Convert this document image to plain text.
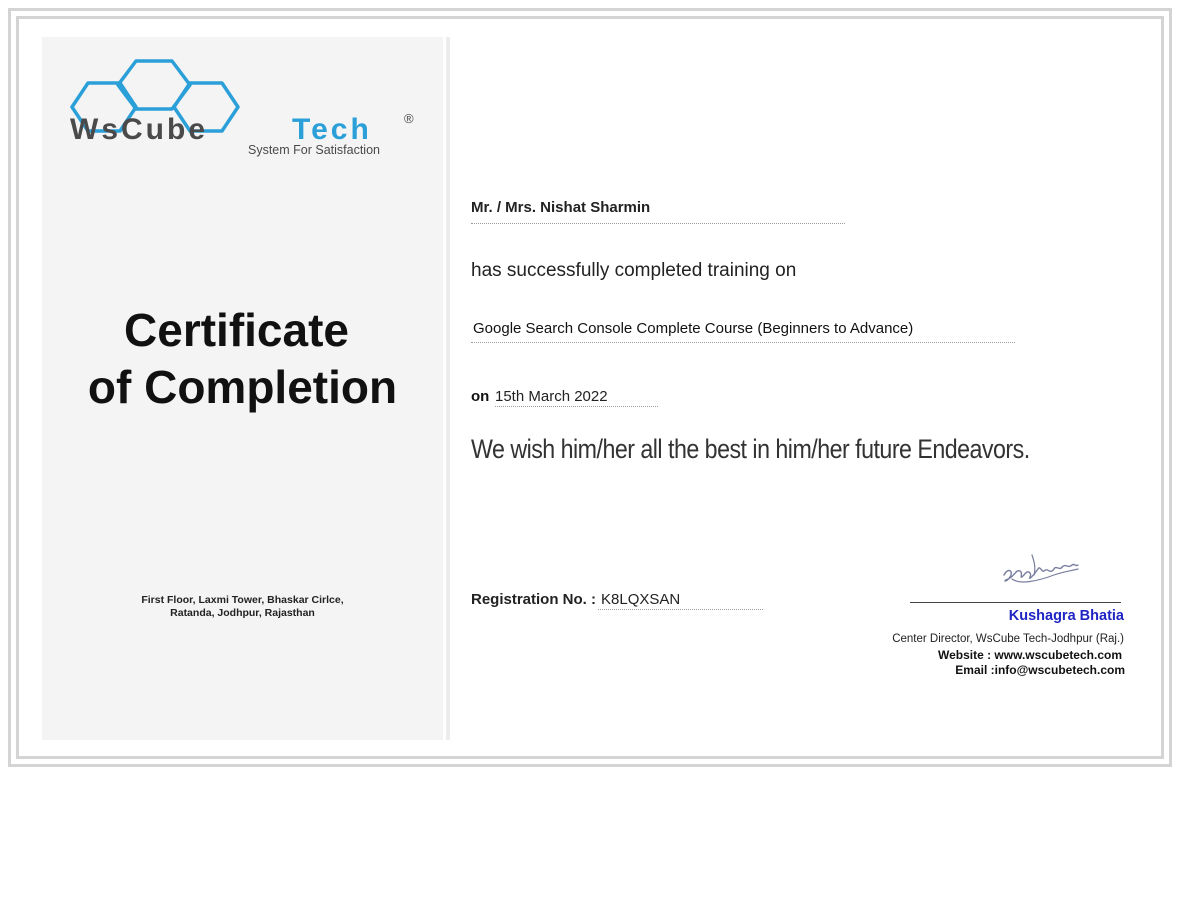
WsCube	Tech ®
System For Satisfaction
Certificate
of Completion
First Floor, Laxmi Tower, Bhaskar Cirlce,
Ratanda, Jodhpur, Rajasthan
Mr. / Mrs. Nishat Sharmin
has successfully completed training on
Google Search Console Complete Course (Beginners to Advance)
on 15th March 2022
We wish him/her all the best in him/her future Endeavors.
Registration No. : K8LQXSAN
Kushagra Bhatia
Center Director, WsCube Tech-Jodhpur (Raj.)
Website : www.wscubetech.com
Email :info@wscubetech.com
